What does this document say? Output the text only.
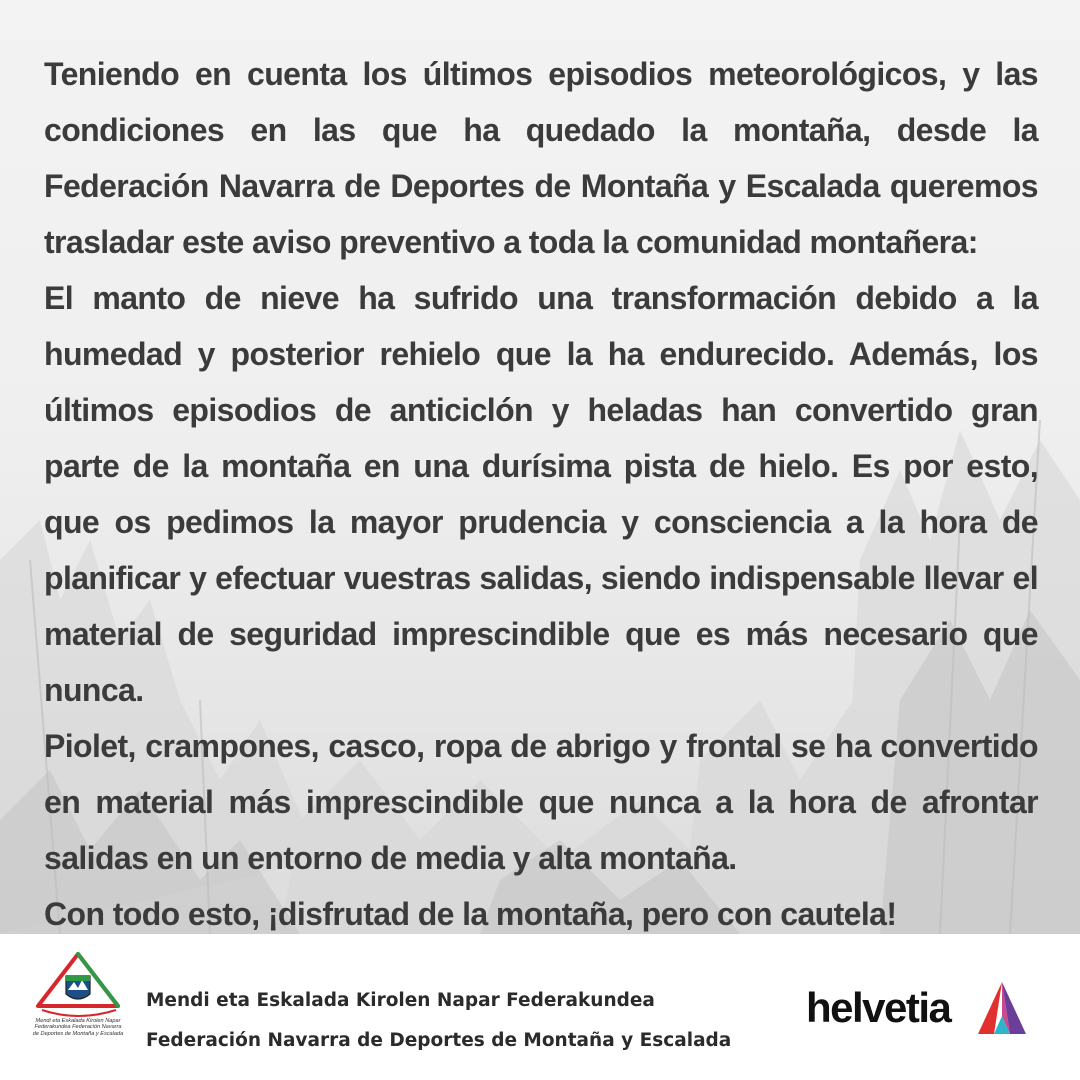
Teniendo en cuenta los últimos episodios meteorológicos, y las condiciones en las que ha quedado la montaña, desde la Federación Navarra de Deportes de Montaña y Escalada queremos trasladar este aviso preventivo a toda la comunidad montañera:

El manto de nieve ha sufrido una transformación debido a la humedad y posterior rehielo que la ha endurecido. Además, los últimos episodios de anticiclón y heladas han convertido gran parte de la montaña en una durísima pista de hielo. Es por esto, que os pedimos la mayor prudencia y consciencia a la hora de planificar y efectuar vuestras salidas, siendo indispensable llevar el material de seguridad imprescindible que es más necesario que nunca.

Piolet, crampones, casco, ropa de abrigo y frontal se ha convertido en material más imprescindible que nunca a la hora de afrontar salidas en un entorno de media y alta montaña.

Con todo esto, ¡disfrutad de la montaña, pero con cautela!

Mendi eta Eskalada Kirolen Napar Federakundea Federación Navarra de Deportes de Montaña y Escalada
Mendi eta Eskalada Kirolen Napar Federakundea
Federación Navarra de Deportes de Montaña y Escalada
helvetia
